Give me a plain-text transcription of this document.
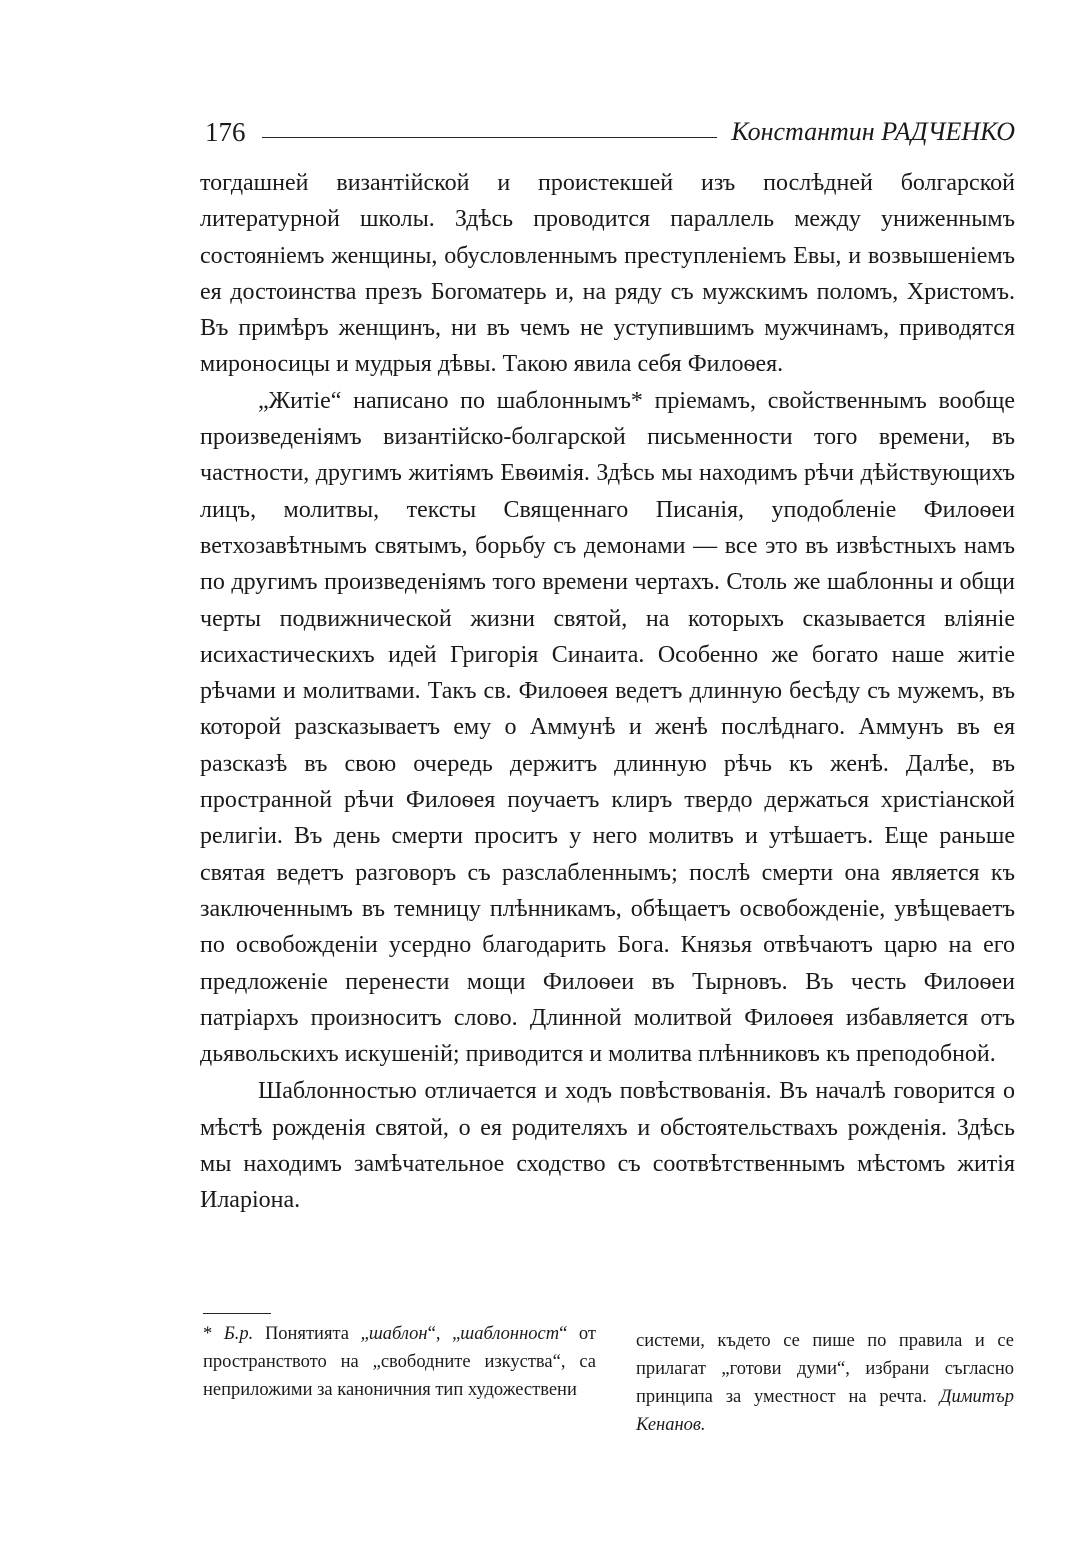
176	Константин РАДЧЕНКО

тогдашней византійской и проистекшей изъ послѣдней болгарской литературной школы. Здѣсь проводится параллель между униженнымъ состояніемъ женщины, обусловленнымъ преступленіемъ Евы, и возвышеніемъ ея достоинства презъ Богоматерь и, на ряду съ мужскимъ поломъ, Христомъ. Въ примѣръ женщинъ, ни въ чемъ не уступившимъ мужчинамъ, приводятся мироносицы и мудрыя дѣвы. Такою явила себя Филоѳея.

„Житіе“ написано по шаблоннымъ* пріемамъ, свойственнымъ вообще произведеніямъ византійско-болгарской письменности того времени, въ частности, другимъ житіямъ Евѳимія. Здѣсь мы находимъ рѣчи дѣйствующихъ лицъ, молитвы, тексты Священнаго Писанія, уподобленіе Филоѳеи ветхозавѣтнымъ святымъ, борьбу съ демонами — все это въ извѣстныхъ намъ по другимъ произведеніямъ того времени чертахъ. Столь же шаблонны и общи черты подвижнической жизни святой, на которыхъ сказывается вліяніе исихастическихъ идей Григорія Синаита. Особенно же богато наше житіе рѣчами и молитвами. Такъ св. Филоѳея ведетъ длинную бесѣду съ мужемъ, въ которой разсказываетъ ему о Аммунѣ и женѣ послѣднаго. Аммунъ въ ея разсказѣ въ свою очередь держитъ длинную рѣчь къ женѣ. Далѣе, въ пространной рѣчи Филоѳея поучаетъ клиръ твердо держаться христіанской религіи. Въ день смерти проситъ у него молитвъ и утѣшаетъ. Еще раньше святая ведетъ разговоръ съ разслабленнымъ; послѣ смерти она является къ заключеннымъ въ темницу плѣнникамъ, обѣщаетъ освобожденіе, увѣщеваетъ по освобожденіи усердно благодарить Бога. Князья отвѣчаютъ царю на его предложеніе перенести мощи Филоѳеи въ Тырновъ. Въ честь Филоѳеи патріархъ произноситъ слово. Длинной молитвой Филоѳея избавляется отъ дьявольскихъ искушеній; приводится и молитва плѣнниковъ къ преподобной.

Шаблонностью отличается и ходъ повѣствованія. Въ началѣ говорится о мѣстѣ рожденія святой, о ея родителяхъ и обстоятельствахъ рожденія. Здѣсь мы находимъ замѣчательное сходство съ соотвѣтственнымъ мѣстомъ житія Иларіона.

* Б.р. Понятията „шаблон“, „шаблонност“ от пространството на „свободните изкуства“, са неприложими за каноничния тип художествени

системи, където се пише по правила и се прилагат „готови думи“, избрани съгласно принципа за уместност на речта. Димитър Кенанов.
